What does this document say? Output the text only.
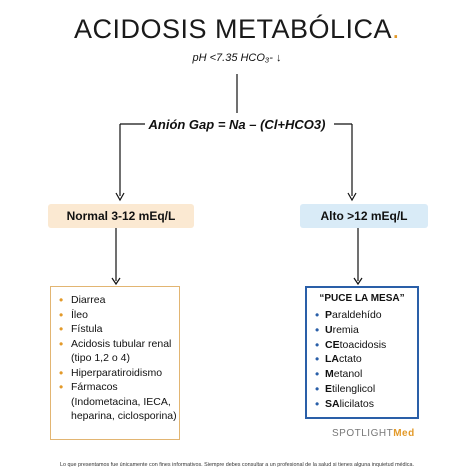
ACIDOSIS METABÓLICA.
pH <7.35 HCO₃- ↓
Anión Gap = Na – (Cl+HCO3)
Normal 3-12 mEq/L	Alto >12 mEq/L
• Diarrea
• Íleo
• Fístula
• Acidosis tubular renal (tipo 1,2 o 4)
• Hiperparatiroidismo
• Fármacos (Indometacina, IECA, heparina, ciclosporina)
“PUCE LA MESA”
• Paraldehído
• Uremia
• CEtoacidosis
• LActato
• Metanol
• Etilenglicol
• SAlicilatos
SPOTLIGHTMed
Lo que presentamos fue únicamente con fines informativos. Siempre debes consultar a un profesional de la salud si tienes alguna inquietud médica.
